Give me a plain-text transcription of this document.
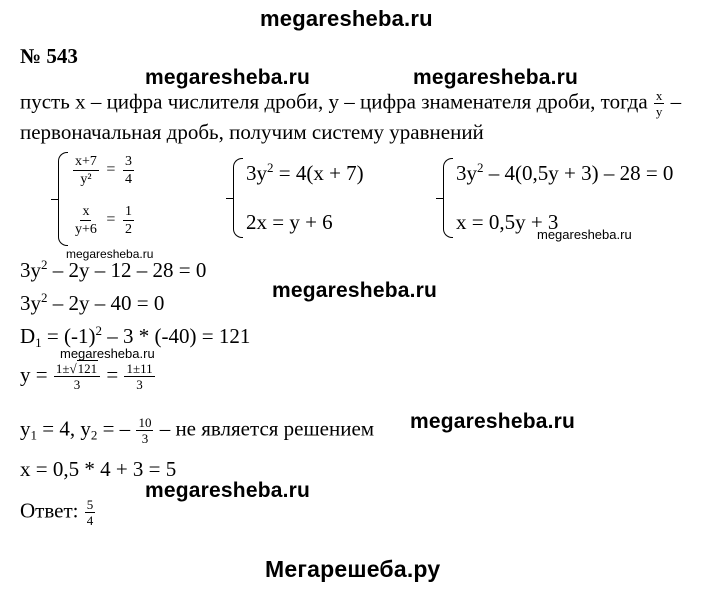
megaresheba.ru
№ 543
megaresheba.ru	megaresheba.ru
пусть x – цифра числителя дроби, y – цифра знаменателя дроби, тогда $\frac{x}{y}$ –
первоначальная дробь, получим систему уравнений
$\frac{x+7}{\text{y²}} = \frac{3}{4}$
$\frac{x}{y+6} = \frac{1}{2}$
$3y^2 = 4(x + 7)$
2x = y + 6
$3y^2 - 4(0,5y + 3) - 28 = 0$
x = 0,5y + 3
megaresheba.ru
megaresheba.ru
$3y^2 - 2y - 12 - 28 = 0$
megaresheba.ru
$3y^2 - 2y - 40 = 0$
$D_1 = (-1)^2 - 3 * (-40) = 121$
megaresheba.ru
$y = \frac{1\pm√121}{3} = \frac{1\pm 11}{3}$
megaresheba.ru
$y_1 = 4$, $y_2$ = – $\frac{10}{3}$ – не является решением
x = 0,5 * 4 + 3 = 5
megaresheba.ru
Ответ: $\frac{5}{4}$
Мегарешеба.ру
